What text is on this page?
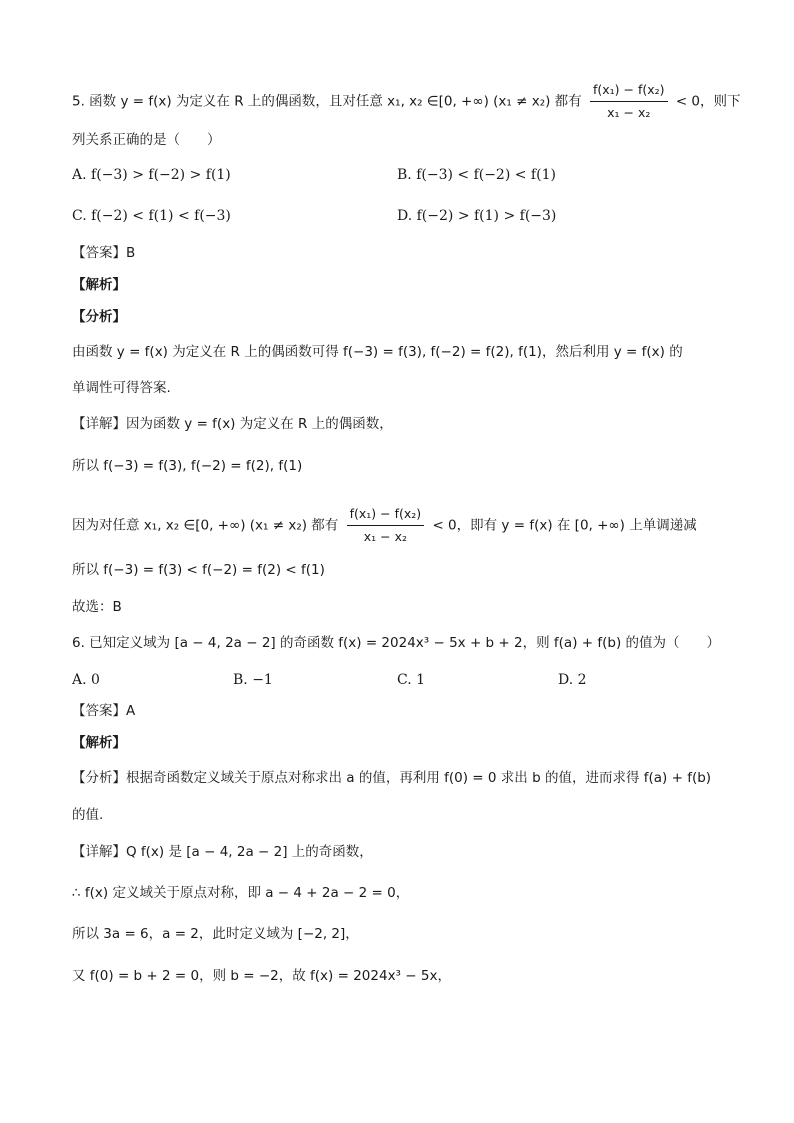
5. 函数 y = f(x) 为定义在 R 上的偶函数，且对任意 x₁, x₂ ∈[0, +∞) (x₁ ≠ x₂) 都有 $\frac{\text{f(x₁) − f(x₂)}}{\text{x₁ − x₂}} < 0$，则下
列关系正确的是（　　）
A. f(−3) > f(−2) > f(1)	B. f(−3) < f(−2) < f(1)
C. f(−2) < f(1) < f(−3)	D. f(−2) > f(1) > f(−3)
【答案】B
【解析】
【分析】
由函数 y = f(x) 为定义在 R 上的偶函数可得 f(−3) = f(3), f(−2) = f(2), f(1)，然后利用 y = f(x) 的
单调性可得答案.
【详解】因为函数 y = f(x) 为定义在 R 上的偶函数，
所以 f(−3) = f(3), f(−2) = f(2), f(1)
因为对任意 x₁, x₂ ∈[0, +∞) (x₁ ≠ x₂) 都有 $\frac{\text{f(x₁) − f(x₂)}}{\text{x₁ − x₂}} < 0$，即有 y = f(x) 在 [0, +∞) 上单调递减
所以 f(−3) = f(3) < f(−2) = f(2) < f(1)
故选：B
6. 已知定义域为 [a − 4, 2a − 2] 的奇函数 f(x) = 2024x³ − 5x + b + 2，则 f(a) + f(b) 的值为（　　）
A. 0	B. −1	C. 1	D. 2
【答案】A
【解析】
【分析】根据奇函数定义域关于原点对称求出 a 的值，再利用 f(0) = 0 求出 b 的值，进而求得 f(a) + f(b)
的值.
【详解】Q f(x) 是 [a − 4, 2a − 2] 上的奇函数，
∴ f(x) 定义域关于原点对称，即 a − 4 + 2a − 2 = 0，
所以 3a = 6，a = 2，此时定义域为 [−2, 2]，
又 f(0) = b + 2 = 0，则 b = −2，故 f(x) = 2024x³ − 5x，
